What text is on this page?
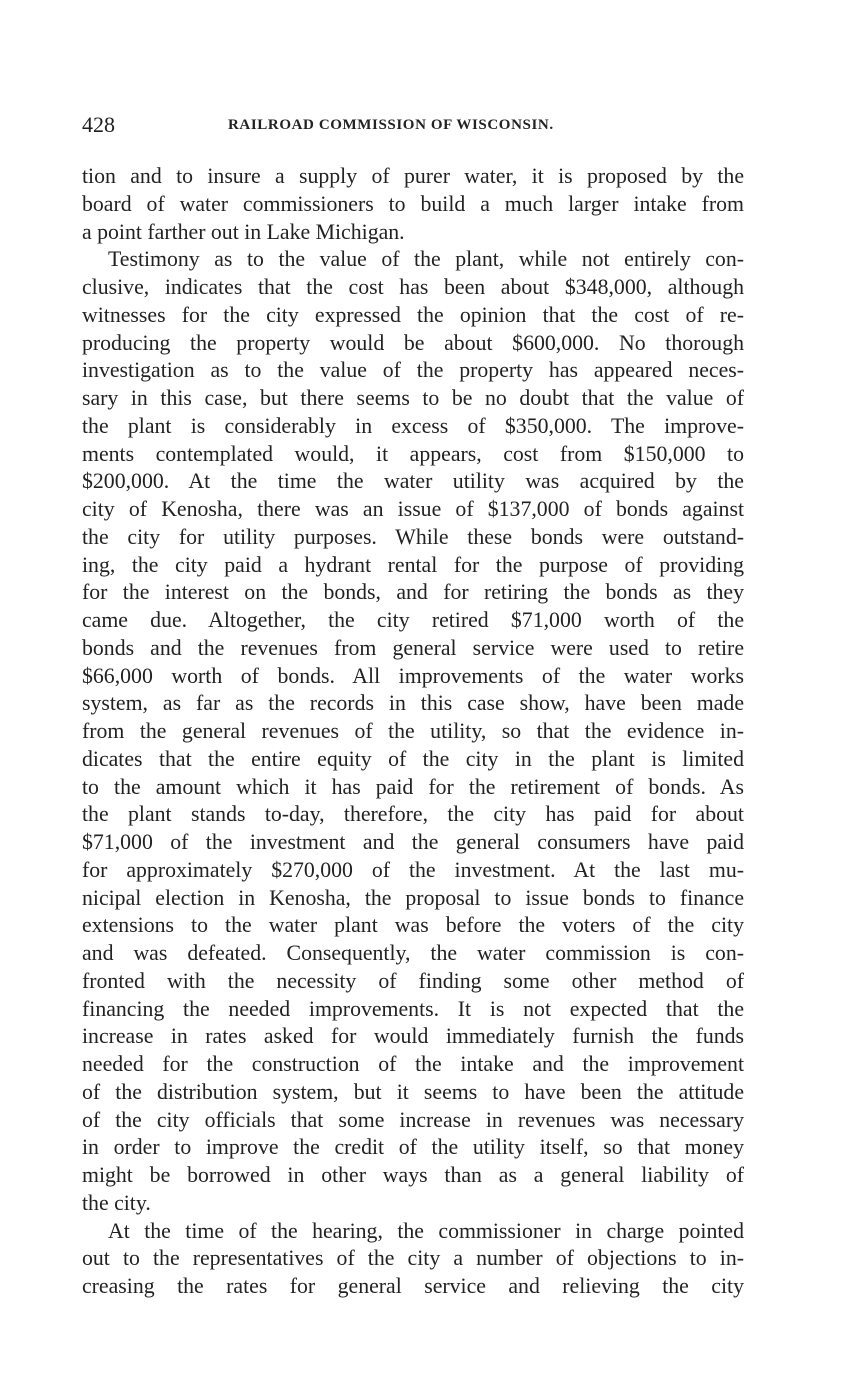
428	RAILROAD COMMISSION OF WISCONSIN.
tion and to insure a supply of purer water, it is proposed by the
board of water commissioners to build a much larger intake from
a point farther out in Lake Michigan.
Testimony as to the value of the plant, while not entirely con-
clusive, indicates that the cost has been about $348,000, although
witnesses for the city expressed the opinion that the cost of re-
producing the property would be about $600,000. No thorough
investigation as to the value of the property has appeared neces-
sary in this case, but there seems to be no doubt that the value of
the plant is considerably in excess of $350,000. The improve-
ments contemplated would, it appears, cost from $150,000 to
$200,000. At the time the water utility was acquired by the
city of Kenosha, there was an issue of $137,000 of bonds against
the city for utility purposes. While these bonds were outstand-
ing, the city paid a hydrant rental for the purpose of providing
for the interest on the bonds, and for retiring the bonds as they
came due. Altogether, the city retired $71,000 worth of the
bonds and the revenues from general service were used to retire
$66,000 worth of bonds. All improvements of the water works
system, as far as the records in this case show, have been made
from the general revenues of the utility, so that the evidence in-
dicates that the entire equity of the city in the plant is limited
to the amount which it has paid for the retirement of bonds. As
the plant stands to-day, therefore, the city has paid for about
$71,000 of the investment and the general consumers have paid
for approximately $270,000 of the investment. At the last mu-
nicipal election in Kenosha, the proposal to issue bonds to finance
extensions to the water plant was before the voters of the city
and was defeated. Consequently, the water commission is con-
fronted with the necessity of finding some other method of
financing the needed improvements. It is not expected that the
increase in rates asked for would immediately furnish the funds
needed for the construction of the intake and the improvement
of the distribution system, but it seems to have been the attitude
of the city officials that some increase in revenues was necessary
in order to improve the credit of the utility itself, so that money
might be borrowed in other ways than as a general liability of
the city.
At the time of the hearing, the commissioner in charge pointed
out to the representatives of the city a number of objections to in-
creasing the rates for general service and relieving the city
